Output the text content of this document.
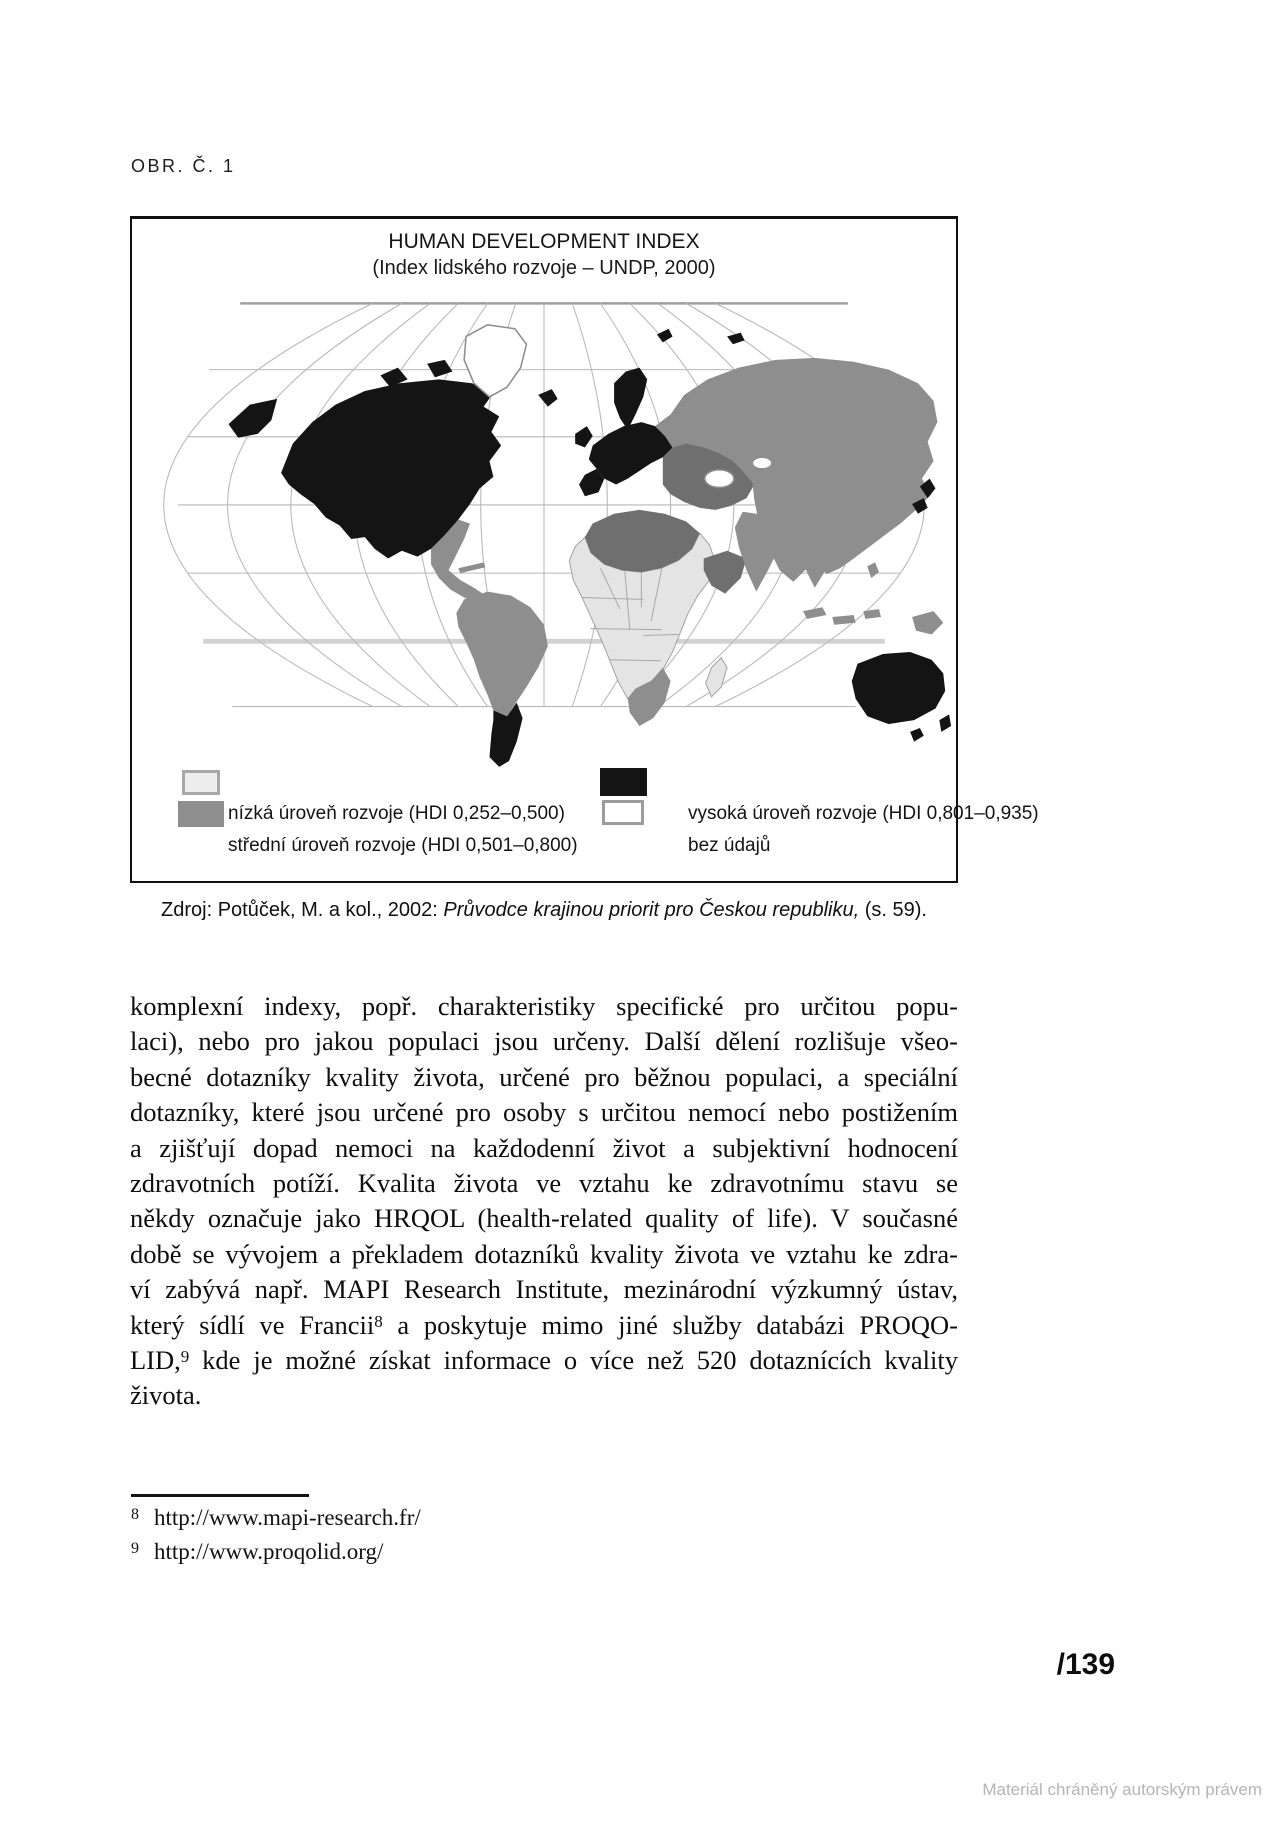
OBR. Č. 1
HUMAN DEVELOPMENT INDEX
(Index lidského rozvoje – UNDP, 2000)
nízká úroveň rozvoje (HDI 0,252–0,500)
střední úroveň rozvoje (HDI 0,501–0,800)
vysoká úroveň rozvoje (HDI 0,801–0,935)
bez údajů
Zdroj: Potůček, M. a kol., 2002: Průvodce krajinou priorit pro Českou republiku, (s. 59).
komplexní indexy, popř. charakteristiky specifické pro určitou popu-
laci), nebo pro jakou populaci jsou určeny. Další dělení rozlišuje všeo-
becné dotazníky kvality života, určené pro běžnou populaci, a speciální
dotazníky, které jsou určené pro osoby s určitou nemocí nebo postižením
a zjišťují dopad nemoci na každodenní život a subjektivní hodnocení
zdravotních potíží. Kvalita života ve vztahu ke zdravotnímu stavu se
někdy označuje jako HRQOL (health-related quality of life). V současné
době se vývojem a překladem dotazníků kvality života ve vztahu ke zdra-
ví zabývá např. MAPI Research Institute, mezinárodní výzkumný ústav,
který sídlí ve Francii$^8$ a poskytuje mimo jiné služby databázi PROQO-
LID,$^9$ kde je možné získat informace o více než 520 dotaznících kvality
života.
$^8$ http://www.mapi-research.fr/
$^9$ http://www.proqolid.org/
/139
Materiál chráněný autorským právem
